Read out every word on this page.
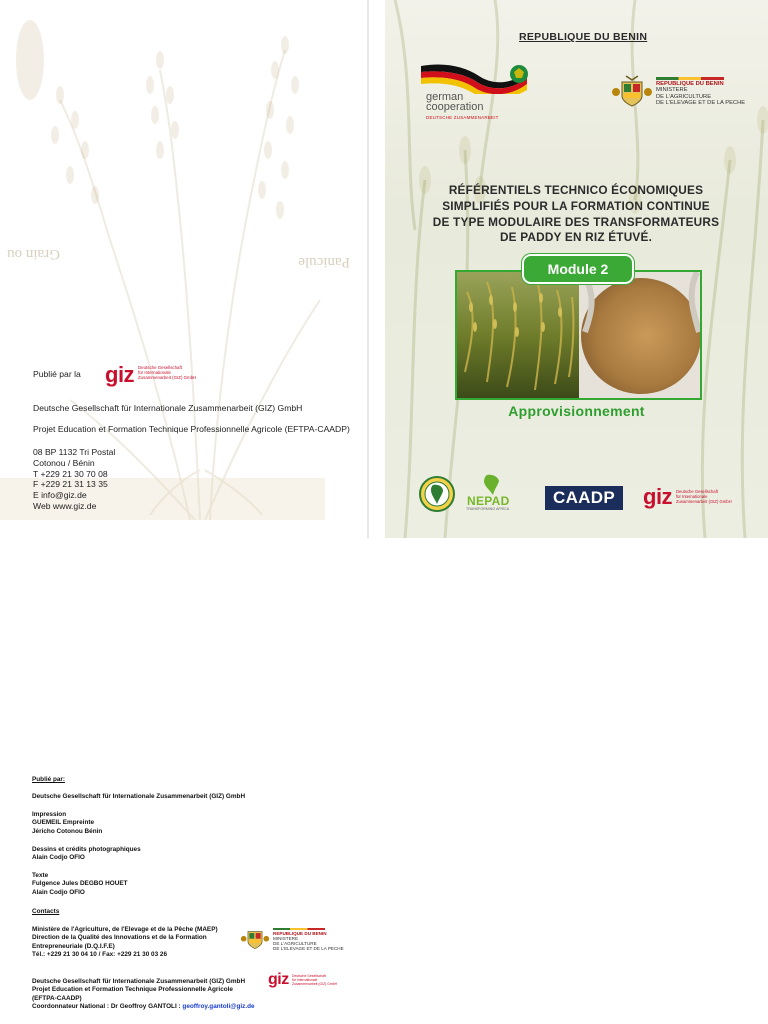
Grain ou	Panicule
Publié par la giz Deutsche Gesellschaft
für Internationale
Zusammenarbeit (GIZ) GmbH
Deutsche Gesellschaft für Internationale Zusammenarbeit (GIZ) GmbH
Projet Education et Formation Technique Professionnelle Agricole (EFTPA-CAADP)
08 BP 1132 Tri Postal
Cotonou / Bénin
T +229 21 30 70 08
F +229 21 31 13 35
E info@giz.de
Web www.giz.de
REPUBLIQUE DU BENIN
german
cooperation
DEUTSCHE ZUSAMMENARBEIT
REPUBLIQUE DU BENIN
MINISTERE
DE L'AGRICULTURE
DE L'ELEVAGE ET DE LA PECHE
RÉFÉRENTIELS TECHNICO ÉCONOMIQUES
SIMPLIFIÉS POUR LA FORMATION CONTINUE
DE TYPE MODULAIRE DES TRANSFORMATEURS
DE PADDY EN RIZ ÉTUVÉ.
Module 2
Approvisionnement
NEPAD
TRANSFORMING AFRICA
CAADP	giz Deutsche Gesellschaft
für Internationale
Zusammenarbeit (GIZ) GmbH
Publié par:
Deutsche Gesellschaft für Internationale Zusammenarbeit (GIZ) GmbH
Impression
GUEMEIL Empreinte
Jéricho Cotonou Bénin
Dessins et crédits photographiques
Alain Codjo OFIO
Texte
Fulgence Jules DEGBO HOUET
Alain Codjo OFIO
Contacts
Ministère de l'Agriculture, de l'Elevage et de la Pêche (MAEP)
Direction de la Qualité des Innovations et de la Formation
Entrepreneuriale (D.Q.I.F.E)
Tél.: +229 21 30 04 10 / Fax: +229 21 30 03 26
REPUBLIQUE DU BENIN
MINISTERE
DE L'AGRICULTURE
DE L'ELEVAGE ET DE LA PECHE
Deutsche Gesellschaft für Internationale Zusammenarbeit (GIZ) GmbH
Projet Education et Formation Technique Professionnelle Agricole
(EFTPA-CAADP)
Coordonnateur National : Dr Geoffroy GANTOLI : geoffroy.gantoli@giz.de
giz Deutsche Gesellschaft
für Internationale
Zusammenarbeit (GIZ) GmbH
